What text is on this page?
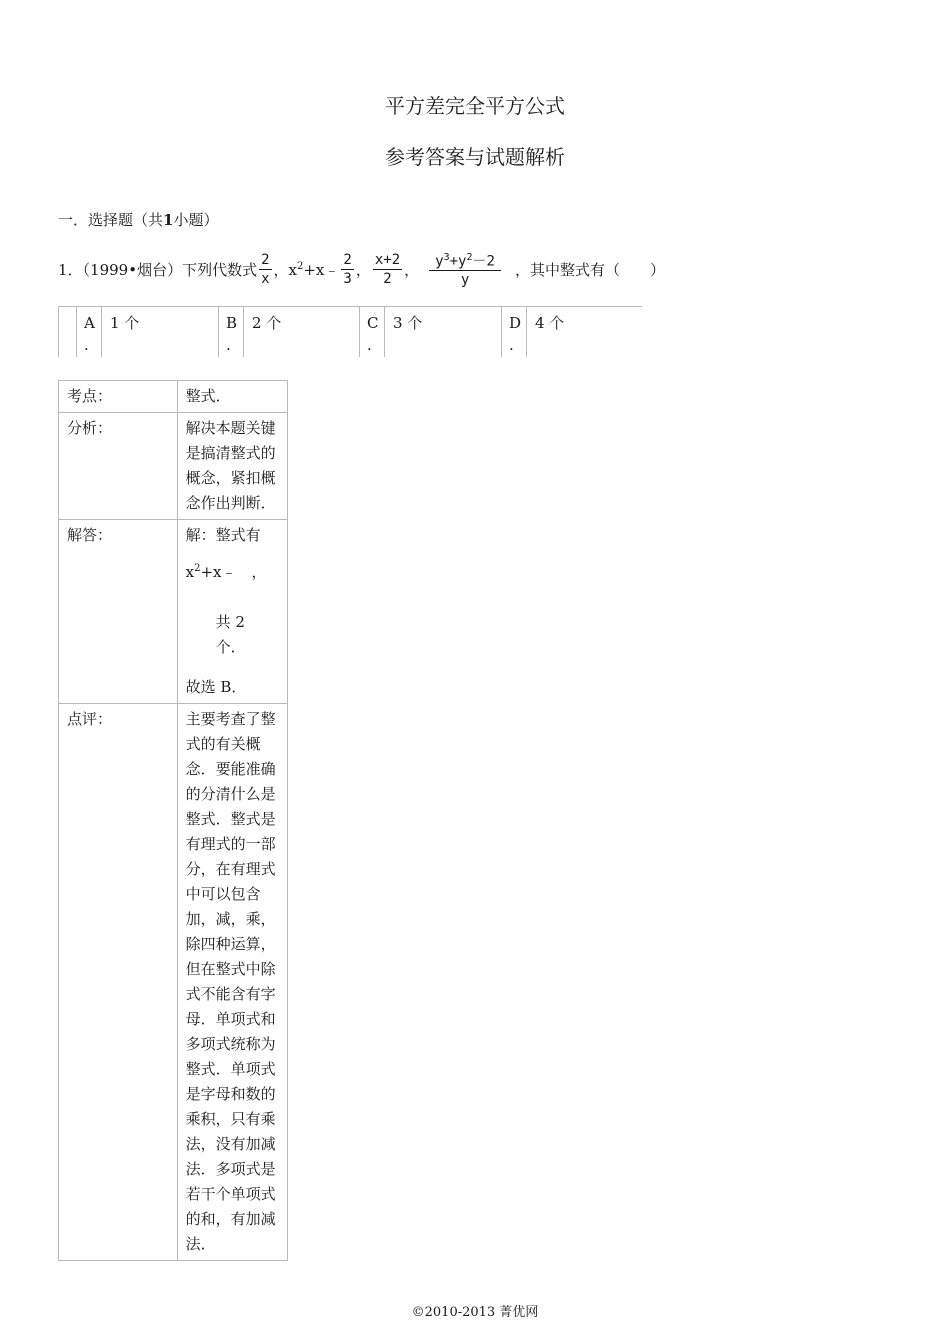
平方差完全平方公式
参考答案与试题解析
一．选择题（共1小题）
1．（1999•烟台）下列代数式 $\frac{2}{x}$ ，$x^2+x﹣ \frac{2}{3}$ ， $\frac{x+2}{2}$ ， $\frac{y^3+y^2-2}{y}$ ，其中整式有（　　）
A
.
1 个	B
.
2 个	C
.
3 个	D
.
4 个
考点：	整式．
分析：	解决本题关键是搞清整式的概念，紧扣概念作出判断．
解答：	解：整式有
$x^2+x﹣$　，
共 2 个．
故选 B．

点评：	主要考查了整式的有关概念．要能准确的分清什么是整式．整式是有理式的一部分，在有理式中可以包含加，减，乘，除四种运算，但在整式中除式不能含有字母．单项式和多项式统称为整式．单项式是字母和数的乘积，只有乘法，没有加减法．多项式是若干个单项式的和，有加减法．
©2010-2013 菁优网
